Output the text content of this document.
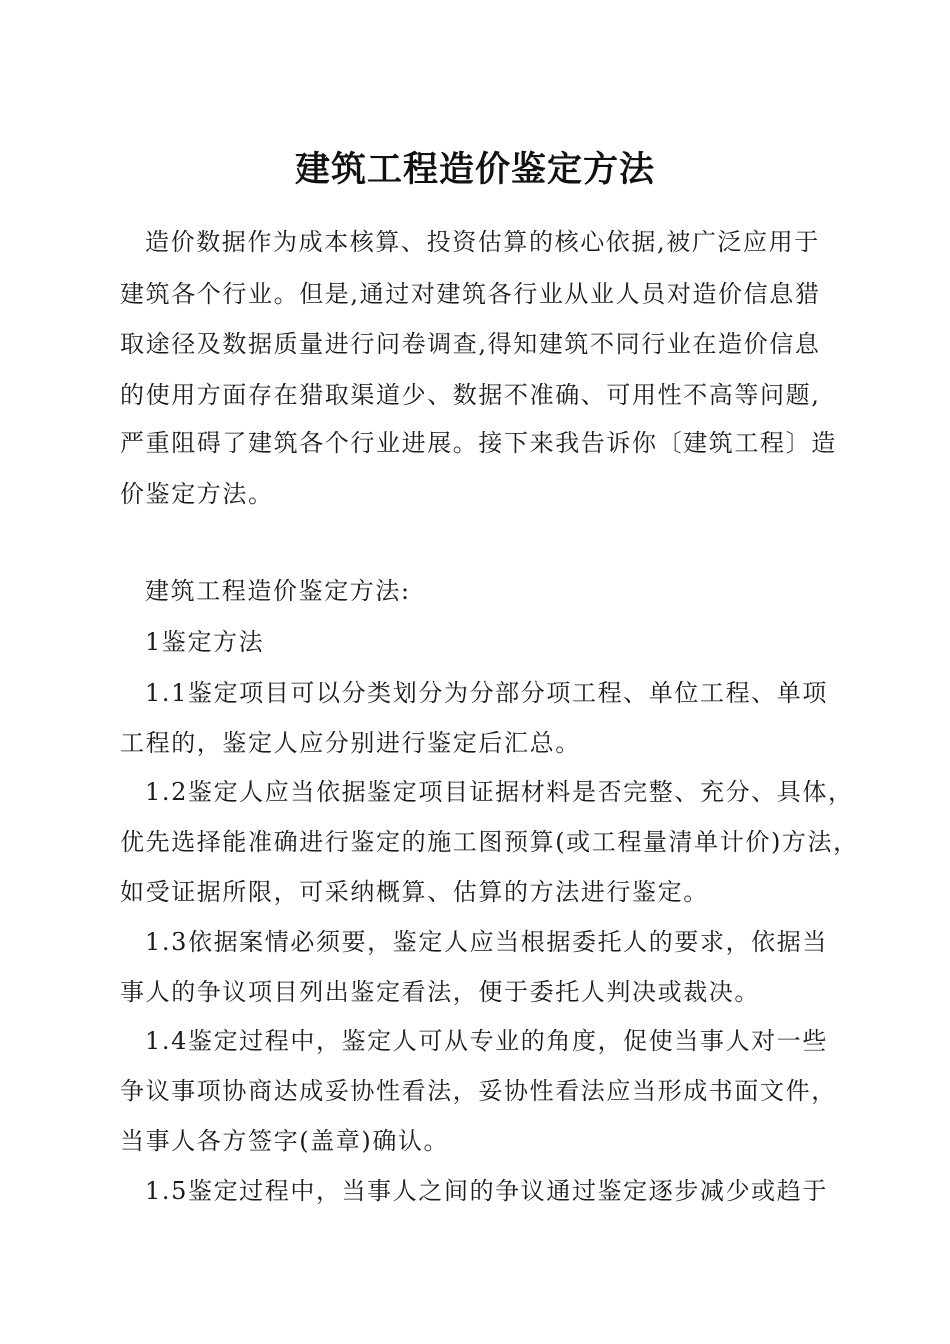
建筑工程造价鉴定方法
造价数据作为成本核算、投资估算的核心依据,被广泛应用于
建筑各个行业。但是,通过对建筑各行业从业人员对造价信息猎
取途径及数据质量进行问卷调查,得知建筑不同行业在造价信息
的使用方面存在猎取渠道少、数据不准确、可用性不高等问题,
严重阻碍了建筑各个行业进展。接下来我告诉你〔建筑工程〕造
价鉴定方法。
建筑工程造价鉴定方法:
1鉴定方法
1.1鉴定项目可以分类划分为分部分项工程、单位工程、单项
工程的，鉴定人应分别进行鉴定后汇总。
1.2鉴定人应当依据鉴定项目证据材料是否完整、充分、具体，
优先选择能准确进行鉴定的施工图预算(或工程量清单计价)方法，
如受证据所限，可采纳概算、估算的方法进行鉴定。
1.3依据案情必须要，鉴定人应当根据委托人的要求，依据当
事人的争议项目列出鉴定看法，便于委托人判决或裁决。
1.4鉴定过程中，鉴定人可从专业的角度，促使当事人对一些
争议事项协商达成妥协性看法，妥协性看法应当形成书面文件，
当事人各方签字(盖章)确认。
1.5鉴定过程中，当事人之间的争议通过鉴定逐步减少或趋于
